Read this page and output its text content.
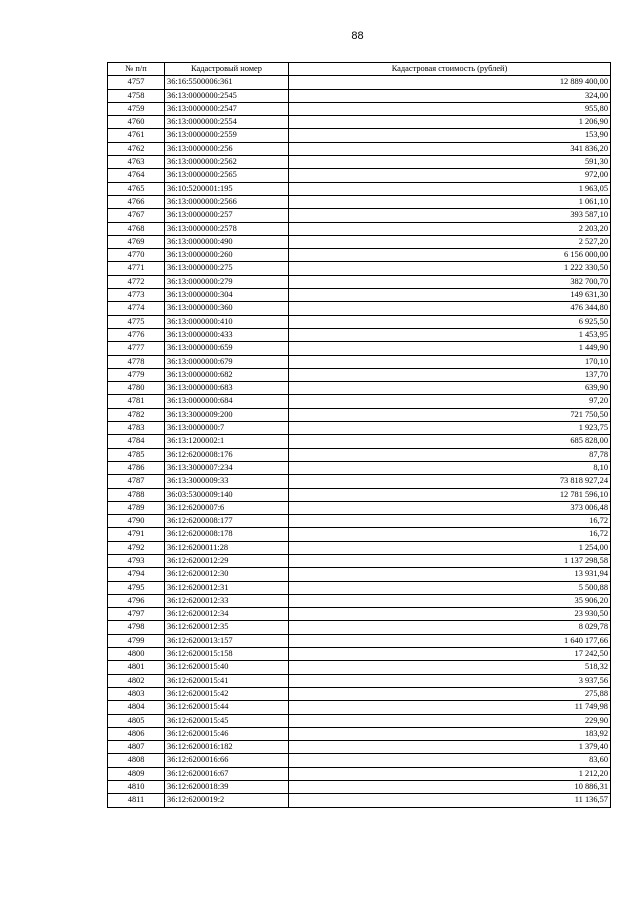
88
№ п/п	Кадастровый номер	Кадастровая стоимость (рублей)
4757	36:16:5500006:361	12 889 400,00
4758	36:13:0000000:2545	324,00
4759	36:13:0000000:2547	955,80
4760	36:13:0000000:2554	1 206,90
4761	36:13:0000000:2559	153,90
4762	36:13:0000000:256	341 836,20
4763	36:13:0000000:2562	591,30
4764	36:13:0000000:2565	972,00
4765	36:10:5200001:195	1 963,05
4766	36:13:0000000:2566	1 061,10
4767	36:13:0000000:257	393 587,10
4768	36:13:0000000:2578	2 203,20
4769	36:13:0000000:490	2 527,20
4770	36:13:0000000:260	6 156 000,00
4771	36:13:0000000:275	1 222 330,50
4772	36:13:0000000:279	382 700,70
4773	36:13:0000000:304	149 631,30
4774	36:13:0000000:360	476 344,80
4775	36:13:0000000:410	6 925,50
4776	36:13:0000000:433	1 453,95
4777	36:13:0000000:659	1 449,90
4778	36:13:0000000:679	170,10
4779	36:13:0000000:682	137,70
4780	36:13:0000000:683	639,90
4781	36:13:0000000:684	97,20
4782	36:13:3000009:200	721 750,50
4783	36:13:0000000:7	1 923,75
4784	36:13:1200002:1	685 828,00
4785	36:12:6200008:176	87,78
4786	36:13:3000007:234	8,10
4787	36:13:3000009:33	73 818 927,24
4788	36:03:5300009:140	12 781 596,10
4789	36:12:6200007:6	373 006,48
4790	36:12:6200008:177	16,72
4791	36:12:6200008:178	16,72
4792	36:12:6200011:28	1 254,00
4793	36:12:6200012:29	1 137 298,58
4794	36:12:6200012:30	13 931,94
4795	36:12:6200012:31	5 500,88
4796	36:12:6200012:33	35 906,20
4797	36:12:6200012:34	23 930,50
4798	36:12:6200012:35	8 029,78
4799	36:12:6200013:157	1 640 177,66
4800	36:12:6200015:158	17 242,50
4801	36:12:6200015:40	518,32
4802	36:12:6200015:41	3 937,56
4803	36:12:6200015:42	275,88
4804	36:12:6200015:44	11 749,98
4805	36:12:6200015:45	229,90
4806	36:12:6200015:46	183,92
4807	36:12:6200016:182	1 379,40
4808	36:12:6200016:66	83,60
4809	36:12:6200016:67	1 212,20
4810	36:12:6200018:39	10 886,31
4811	36:12:6200019:2	11 136,57
